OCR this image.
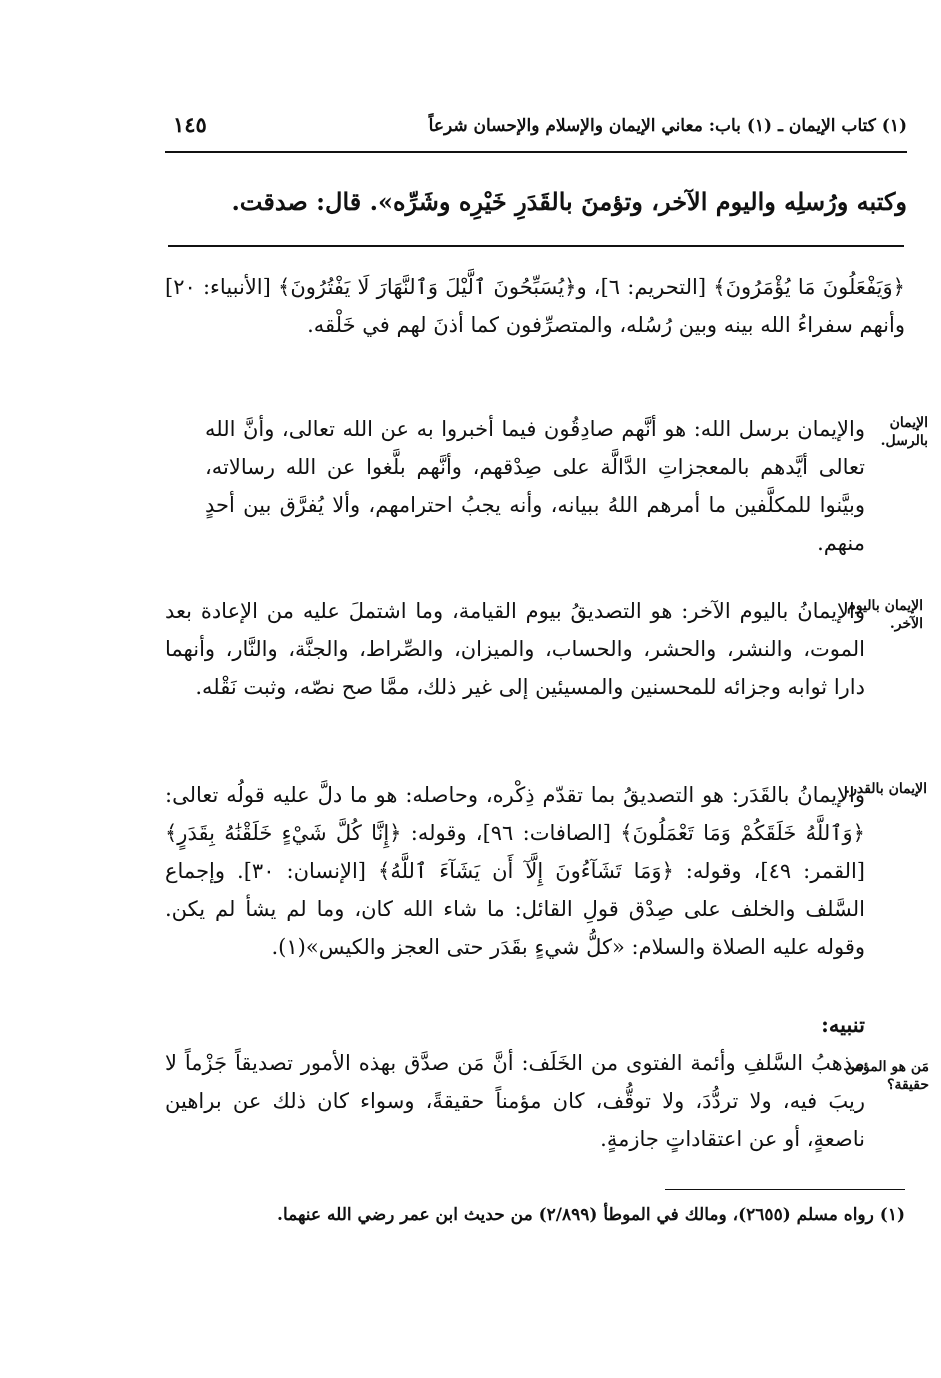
(١) كتاب الإيمان ـ (١) باب: معاني الإيمان والإسلام والإحسان شرعاً
١٤٥
وكتبه ورُسلِه واليوم الآخر، وتؤمنَ بالقَدَرِ خَيْرِه وشَرِّه». قال: صدقت.
﴿وَيَفْعَلُونَ مَا يُؤْمَرُونَ﴾ [التحريم: ٦]، و﴿يُسَبِّحُونَ ٱلَّيْلَ وَٱلنَّهَارَ لَا يَفْتُرُونَ﴾ [الأنبياء: ٢٠] وأنهم سفراءُ الله بينه وبين رُسُله، والمتصرِّفون كما أذنَ لهم في خَلْقه.
والإيمان برسل الله: هو أنَّهم صادِقُون فيما أخبروا به عن الله تعالى، وأنَّ الله تعالى أيَّدهم بالمعجزاتِ الدَّالَّة على صِدْقهم، وأنَّهم بلَّغوا عن الله رسالاته، وبيَّنوا للمكلَّفين ما أمرهم اللهُ ببيانه، وأنه يجبُ احترامهم، وألا يُفرَّق بين أحدٍ منهم.
الإيمان
بالرسل.
والإيمانُ باليوم الآخر: هو التصديقُ بيوم القيامة، وما اشتملَ عليه من الإعادة بعد الموت، والنشر، والحشر، والحساب، والميزان، والصِّراط، والجنَّة، والنَّار، وأنهما دارا ثوابه وجزائه للمحسنين والمسيئين إلى غير ذلك، ممَّا صح نصّه، وثبت نَقْله.
الإيمان باليوم
الآخر.
والإيمانُ بالقَدَر: هو التصديقُ بما تقدّم ذِكْره، وحاصله: هو ما دلَّ عليه قولُه تعالى: ﴿وَٱللَّهُ خَلَقَكُمْ وَمَا تَعْمَلُونَ﴾ [الصافات: ٩٦]، وقوله: ﴿إِنَّا كُلَّ شَيْءٍ خَلَقْنَٰهُ بِقَدَرٍ﴾ [القمر: ٤٩]، وقوله: ﴿وَمَا تَشَآءُونَ إِلَّآ أَن يَشَآءَ ٱللَّهُ﴾ [الإنسان: ٣٠]. وإجماع السَّلف والخلف على صِدْق قولِ القائل: ما شاء الله كان، وما لم يشأ لم يكن. وقوله عليه الصلاة والسلام: «كلُّ شيءٍ بقَدَر حتى العجز والكيس»(١).
الإيمان بالقدر.
تنبيه:
مذهبُ السَّلفِ وأئمة الفتوى من الخَلَف: أنَّ مَن صدَّق بهذه الأمور تصديقاً جَزْماً لا ريبَ فيه، ولا تردُّدَ، ولا توقُّف، كان مؤمناً حقيقةً، وسواء كان ذلك عن براهين ناصعةٍ، أو عن اعتقاداتٍ جازمةٍ.
مَن هو المؤمن
حقيقة؟
(١) رواه مسلم (٢٦٥٥)، ومالك في الموطأ (٢/٨٩٩) من حديث ابن عمر رضي الله عنهما.
